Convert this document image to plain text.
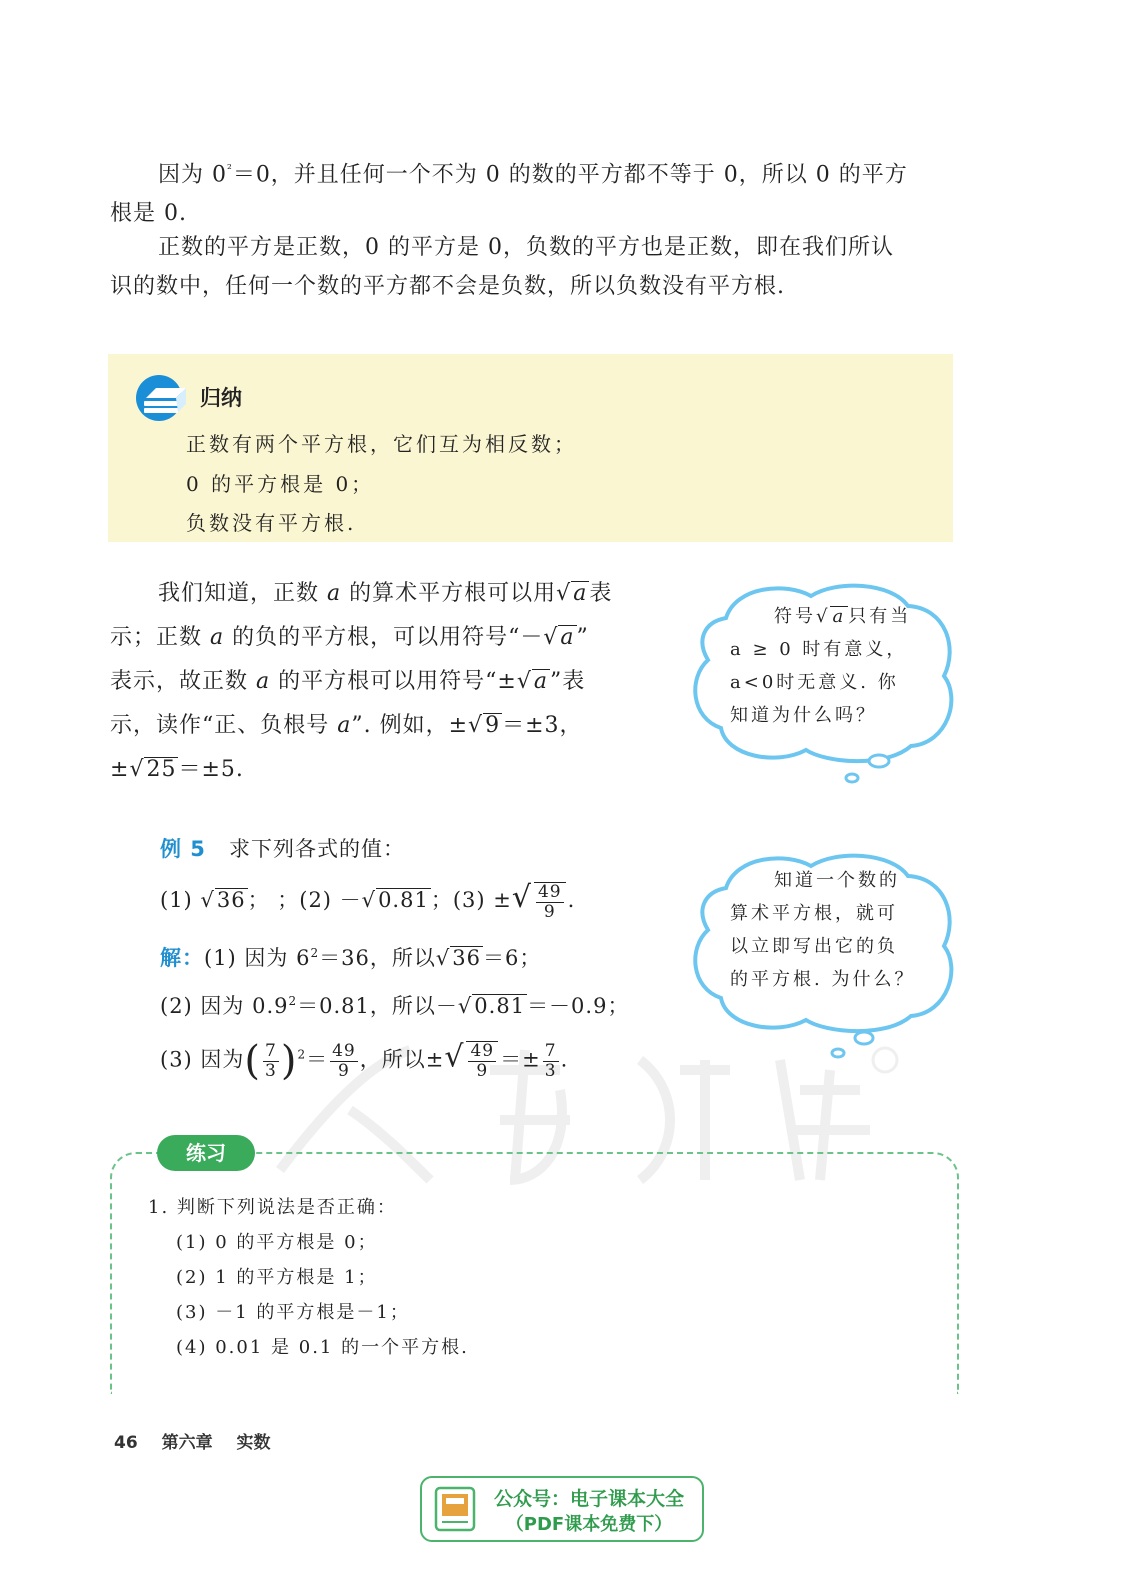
因为 $0^{^2}=0$，并且任何一个不为 0 的数的平方都不等于 0，所以 0 的平方
根是 0.
正数的平方是正数，0 的平方是 0，负数的平方也是正数，即在我们所认
识的数中，任何一个数的平方都不会是负数，所以负数没有平方根.
归纳
正数有两个平方根，它们互为相反数；
0 的平方根是 0；
负数没有平方根.
我们知道，正数 a 的算术平方根可以用√a表
示；正数 a 的负的平方根，可以用符号“－√a”
表示，故正数 a 的平方根可以用符号“±√a”表
示，读作“正、负根号 a”. 例如，±√9＝±3，
±√25＝±5.
符号√ a 只有当
a ≥ 0 时有意义，
a<0时无意义. 你
知道为什么吗？
例 5 求下列各式的值：
(1) √36； ；(2) －√0.81；(3) ±√ $\frac{49}{9}$ .
解：(1) 因为 $6^2=36$，所以√36＝6；
(2) 因为 $0.9^2=0.81$，所以－√0.81＝－0.9；
(3) 因为( $\frac{7}{3} )^2= \frac{49}{9}$ ，所以±√ $\frac{49}{9} =\pm \frac{7}{3}$ .
知道一个数的
算术平方根，就可
以立即写出它的负
的平方根. 为什么？
练习
1. 判断下列说法是否正确：
(1) 0 的平方根是 0；
(2) 1 的平方根是 1；
(3) －1 的平方根是－1；
(4) 0.01 是 0.1 的一个平方根.
46 第六章 实数
公众号：电子课本大全
（PDF课本免费下）
